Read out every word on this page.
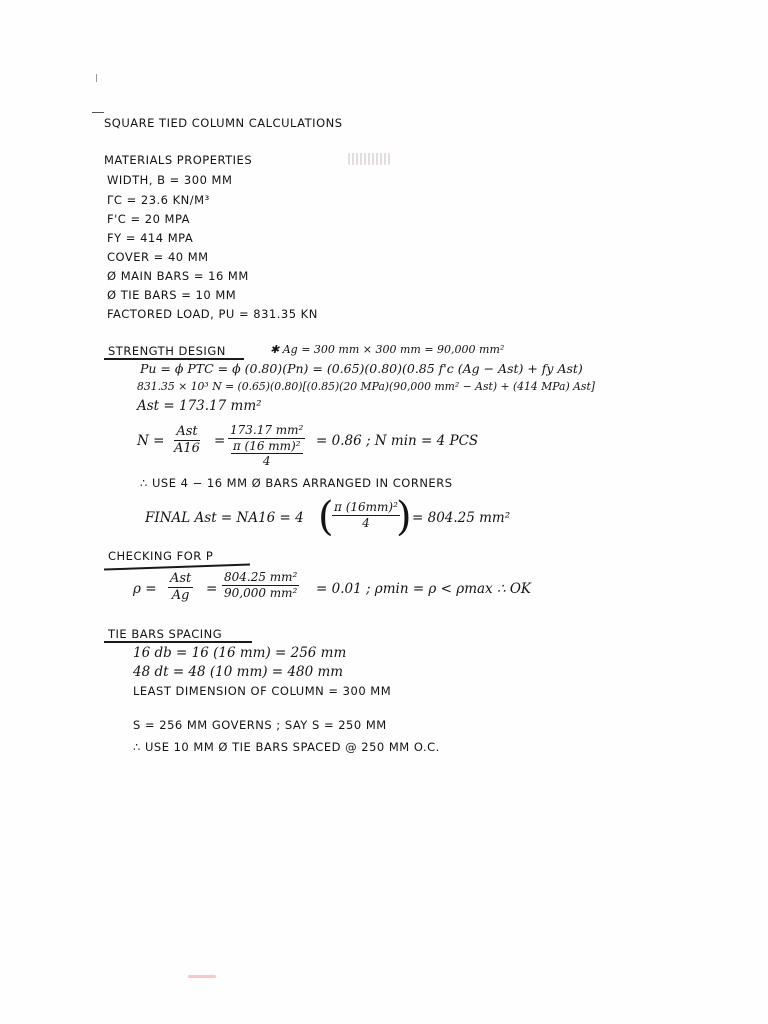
SQUARE TIED COLUMN CALCULATIONS
MATERIALS PROPERTIES
WIDTH, B = 300 MM
ΓC = 23.6 KN/M³
F'C = 20 MPA
FY = 414 MPA
COVER = 40 MM
Ø MAIN BARS = 16 MM
Ø TIE BARS = 10 MM
FACTORED LOAD, PU = 831.35 KN
STRENGTH DESIGN	✱ Ag = 300 mm × 300 mm = 90,000 mm²
Pu = ϕ PTC = ϕ (0.80)(Pn) = (0.65)(0.80)(0.85 f'c (Ag − Ast) + fy Ast)
831.35 × 10³ N = (0.65)(0.80)[(0.85)(20 MPa)(90,000 mm² − Ast) + (414 MPa) Ast]
Ast = 173.17 mm²
N =
Ast
A16 =
173.17 mm²
π (16 mm)²
4
= 0.86 ; N min = 4 PCS
∴ USE 4 − 16 MM Ø BARS ARRANGED IN CORNERS
FINAL Ast = NA16 = 4 (
$\frac{\text{π (16mm)²}}{4}$
) = 804.25 mm²
CHECKING FOR Ρ
ρ =
Ast
$Ag = \frac{\text{804.25 mm²}}{\text{90,000 mm²}} = 0.01$ ; ρmin = ρ < ρmax ∴ OK
TIE BARS SPACING
16 db = 16 (16 mm) = 256 mm
48 dt = 48 (10 mm) = 480 mm
LEAST DIMENSION OF COLUMN = 300 MM
S = 256 MM GOVERNS ; SAY S = 250 MM
∴ USE 10 MM Ø TIE BARS SPACED @ 250 MM O.C.
